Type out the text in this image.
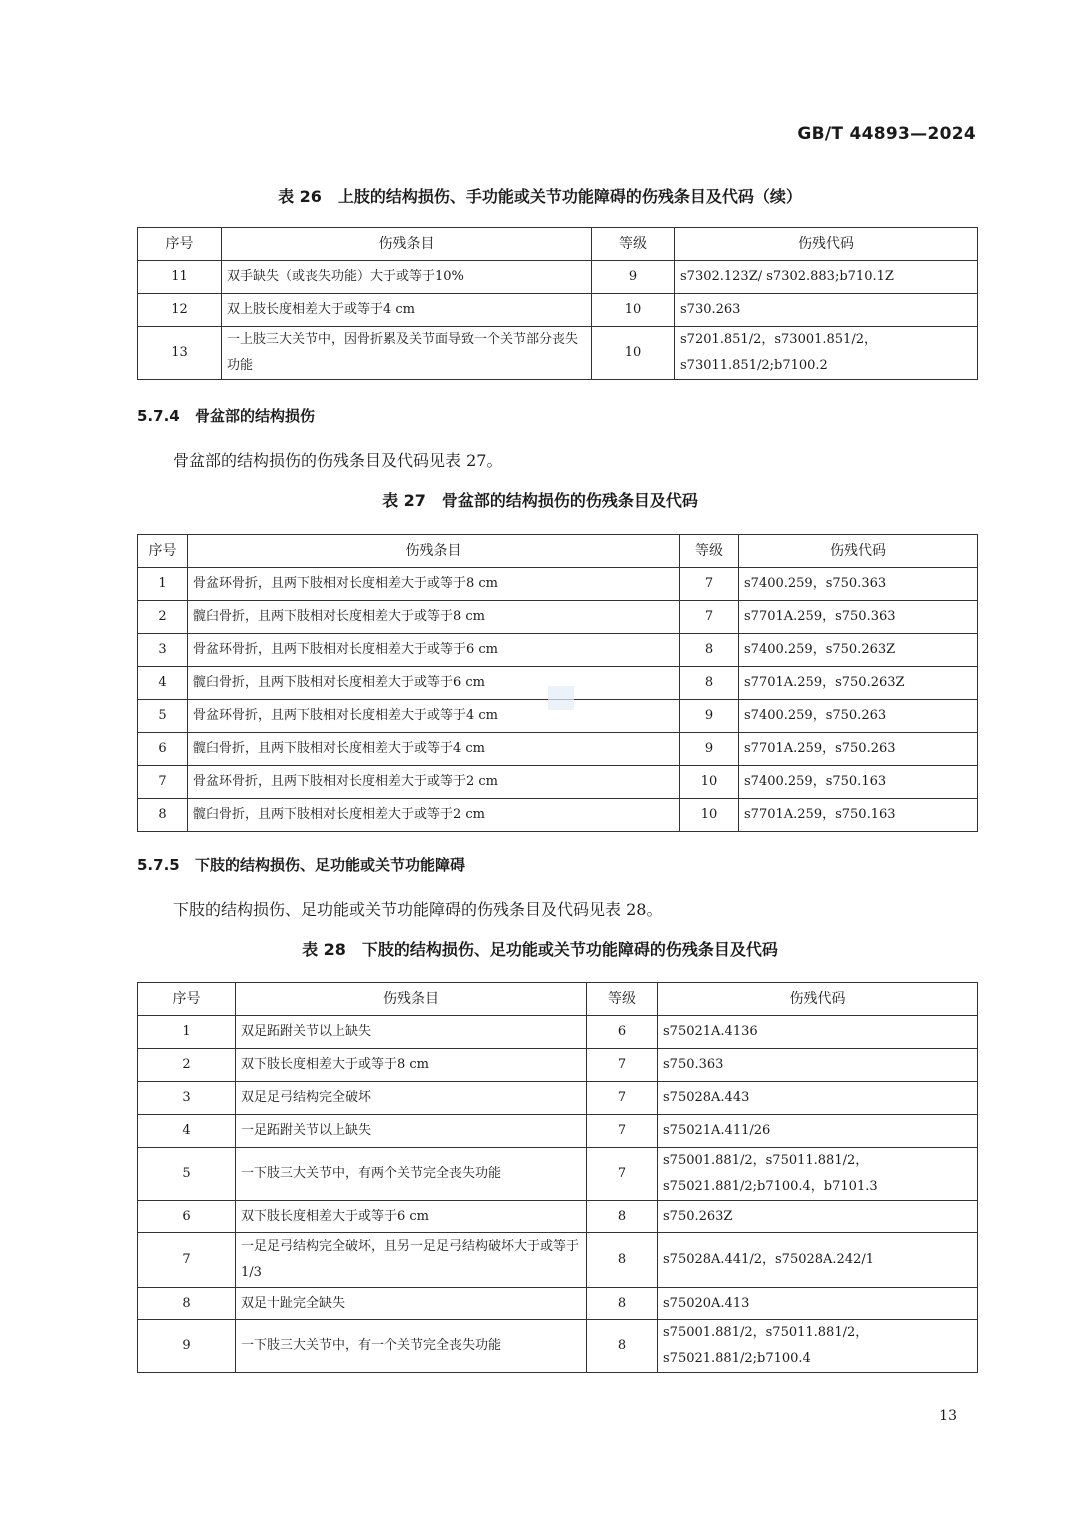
GB/T 44893—2024
表 26　上肢的结构损伤、手功能或关节功能障碍的伤残条目及代码（续）
序号	伤残条目	等级	伤残代码
11	双手缺失（或丧失功能）大于或等于10%	9	s7302.123Z/ s7302.883;b710.1Z
12	双上肢长度相差大于或等于4 cm	10	s730.263
13	一上肢三大关节中，因骨折累及关节面导致一个关节部分丧失功能	10	s7201.851/2，s73001.851/2，s73011.851/2;b7100.2
5.7.4 骨盆部的结构损伤
骨盆部的结构损伤的伤残条目及代码见表 27。
表 27　骨盆部的结构损伤的伤残条目及代码
序号	伤残条目	等级	伤残代码
1	骨盆环骨折，且两下肢相对长度相差大于或等于8 cm	7	s7400.259，s750.363
2	髋臼骨折，且两下肢相对长度相差大于或等于8 cm	7	s7701A.259，s750.363
3	骨盆环骨折，且两下肢相对长度相差大于或等于6 cm	8	s7400.259，s750.263Z
4	髋臼骨折，且两下肢相对长度相差大于或等于6 cm	8	s7701A.259，s750.263Z
5	骨盆环骨折，且两下肢相对长度相差大于或等于4 cm	9	s7400.259，s750.263
6	髋臼骨折，且两下肢相对长度相差大于或等于4 cm	9	s7701A.259，s750.263
7	骨盆环骨折，且两下肢相对长度相差大于或等于2 cm	10	s7400.259，s750.163
8	髋臼骨折，且两下肢相对长度相差大于或等于2 cm	10	s7701A.259，s750.163
5.7.5 下肢的结构损伤、足功能或关节功能障碍
下肢的结构损伤、足功能或关节功能障碍的伤残条目及代码见表 28。
表 28　下肢的结构损伤、足功能或关节功能障碍的伤残条目及代码
序号	伤残条目	等级	伤残代码
1	双足跖跗关节以上缺失	6	s75021A.4136
2	双下肢长度相差大于或等于8 cm	7	s750.363
3	双足足弓结构完全破坏	7	s75028A.443
4	一足跖跗关节以上缺失	7	s75021A.411/26
5	一下肢三大关节中，有两个关节完全丧失功能	7	s75001.881/2，s75011.881/2，s75021.881/2;b7100.4，b7101.3
6	双下肢长度相差大于或等于6 cm	8	s750.263Z
7	一足足弓结构完全破坏，且另一足足弓结构破坏大于或等于1/3	8	s75028A.441/2，s75028A.242/1
8	双足十趾完全缺失	8	s75020A.413
9	一下肢三大关节中，有一个关节完全丧失功能	8	s75001.881/2，s75011.881/2，s75021.881/2;b7100.4
13
